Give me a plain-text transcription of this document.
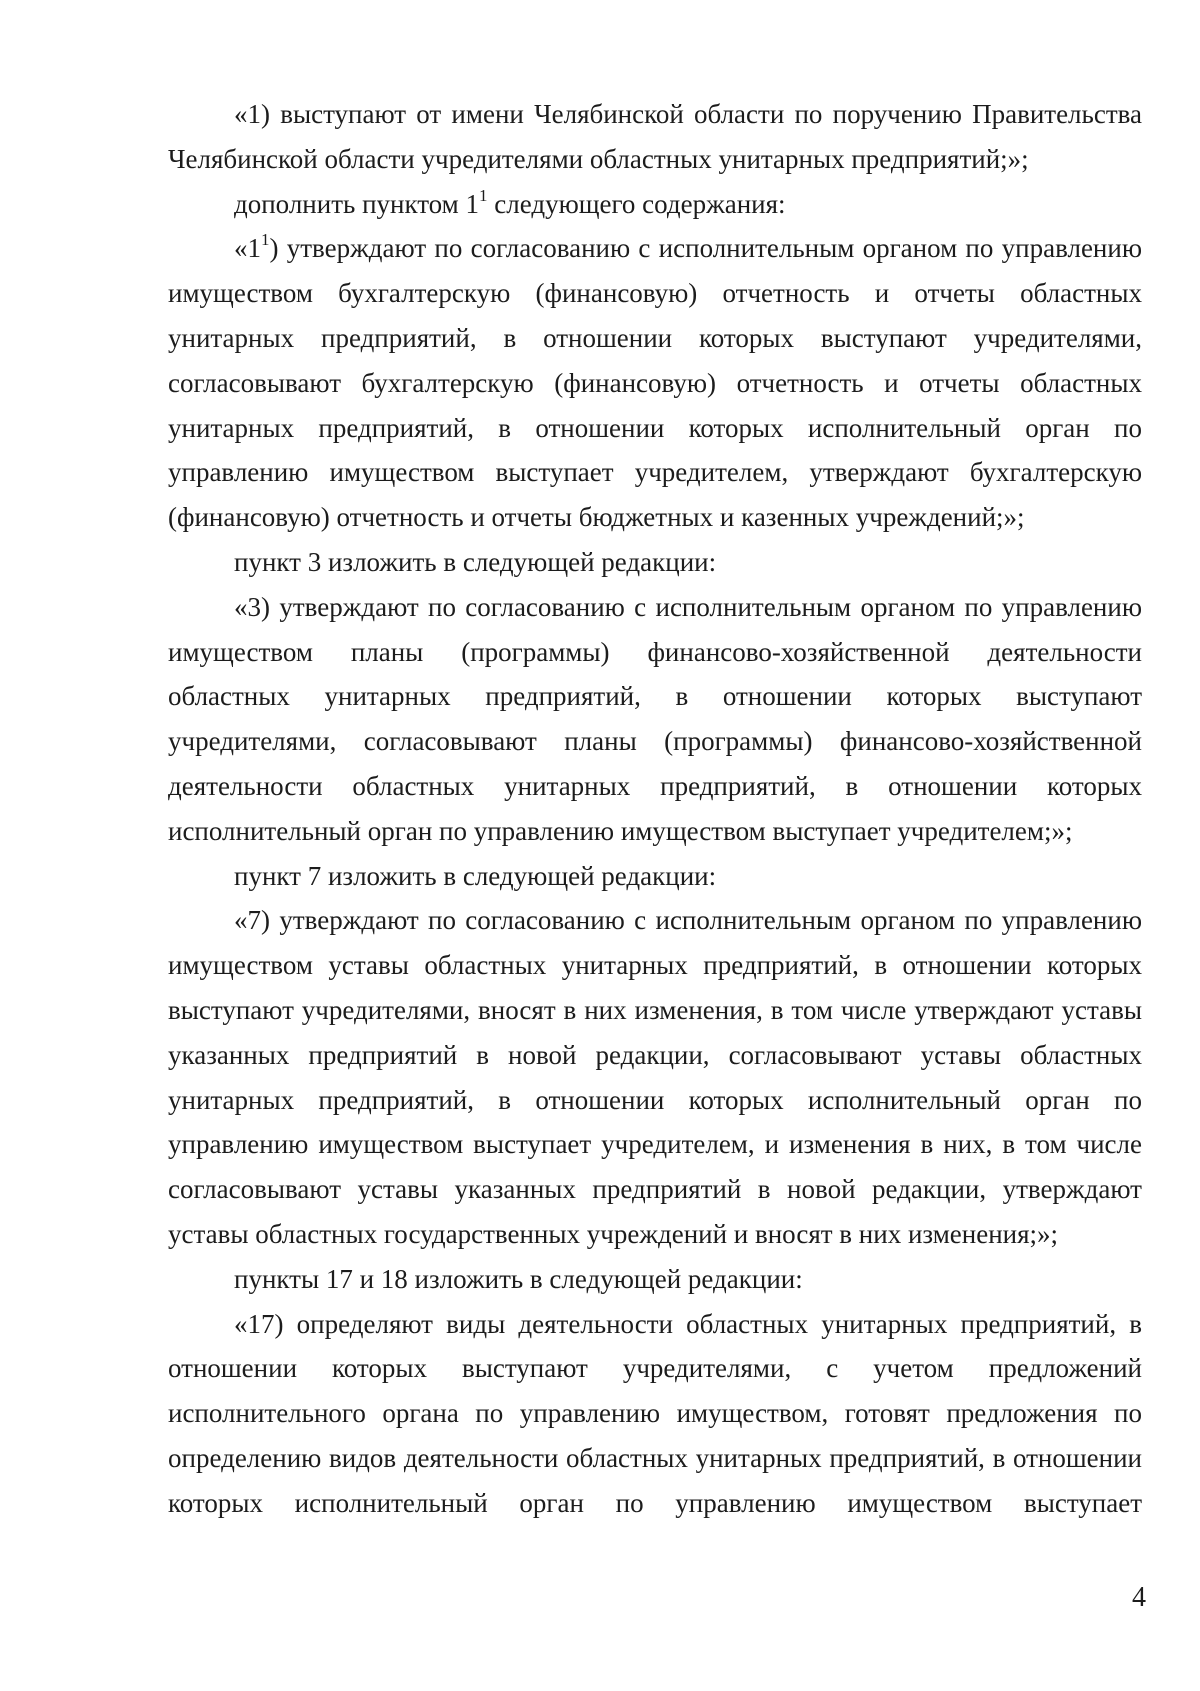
«1) выступают от имени Челябинской области по поручению Правительства Челябинской области учредителями областных унитарных предприятий;»;

дополнить пунктом $1^1$ следующего содержания:

«$1^1$) утверждают по согласованию с исполнительным органом по управлению имуществом бухгалтерскую (финансовую) отчетность и отчеты областных унитарных предприятий, в отношении которых выступают учредителями, согласовывают бухгалтерскую (финансовую) отчетность и отчеты областных унитарных предприятий, в отношении которых исполнительный орган по управлению имуществом выступает учредителем, утверждают бухгалтерскую (финансовую) отчетность и отчеты бюджетных и казенных учреждений;»;

пункт 3 изложить в следующей редакции:

«3) утверждают по согласованию с исполнительным органом по управлению имуществом планы (программы) финансово-хозяйственной деятельности областных унитарных предприятий, в отношении которых выступают учредителями, согласовывают планы (программы) финансово-хозяйственной деятельности областных унитарных предприятий, в отношении которых исполнительный орган по управлению имуществом выступает учредителем;»;

пункт 7 изложить в следующей редакции:

«7) утверждают по согласованию с исполнительным органом по управлению имуществом уставы областных унитарных предприятий, в отношении которых выступают учредителями, вносят в них изменения, в том числе утверждают уставы указанных предприятий в новой редакции, согласовывают уставы областных унитарных предприятий, в отношении которых исполнительный орган по управлению имуществом выступает учредителем, и изменения в них, в том числе согласовывают уставы указанных предприятий в новой редакции, утверждают уставы областных государственных учреждений и вносят в них изменения;»;

пункты 17 и 18 изложить в следующей редакции:

«17) определяют виды деятельности областных унитарных предприятий, в отношении которых выступают учредителями, с учетом предложений исполнительного органа по управлению имуществом, готовят предложения по определению видов деятельности областных унитарных предприятий, в отношении которых исполнительный орган по управлению имуществом выступает

4
